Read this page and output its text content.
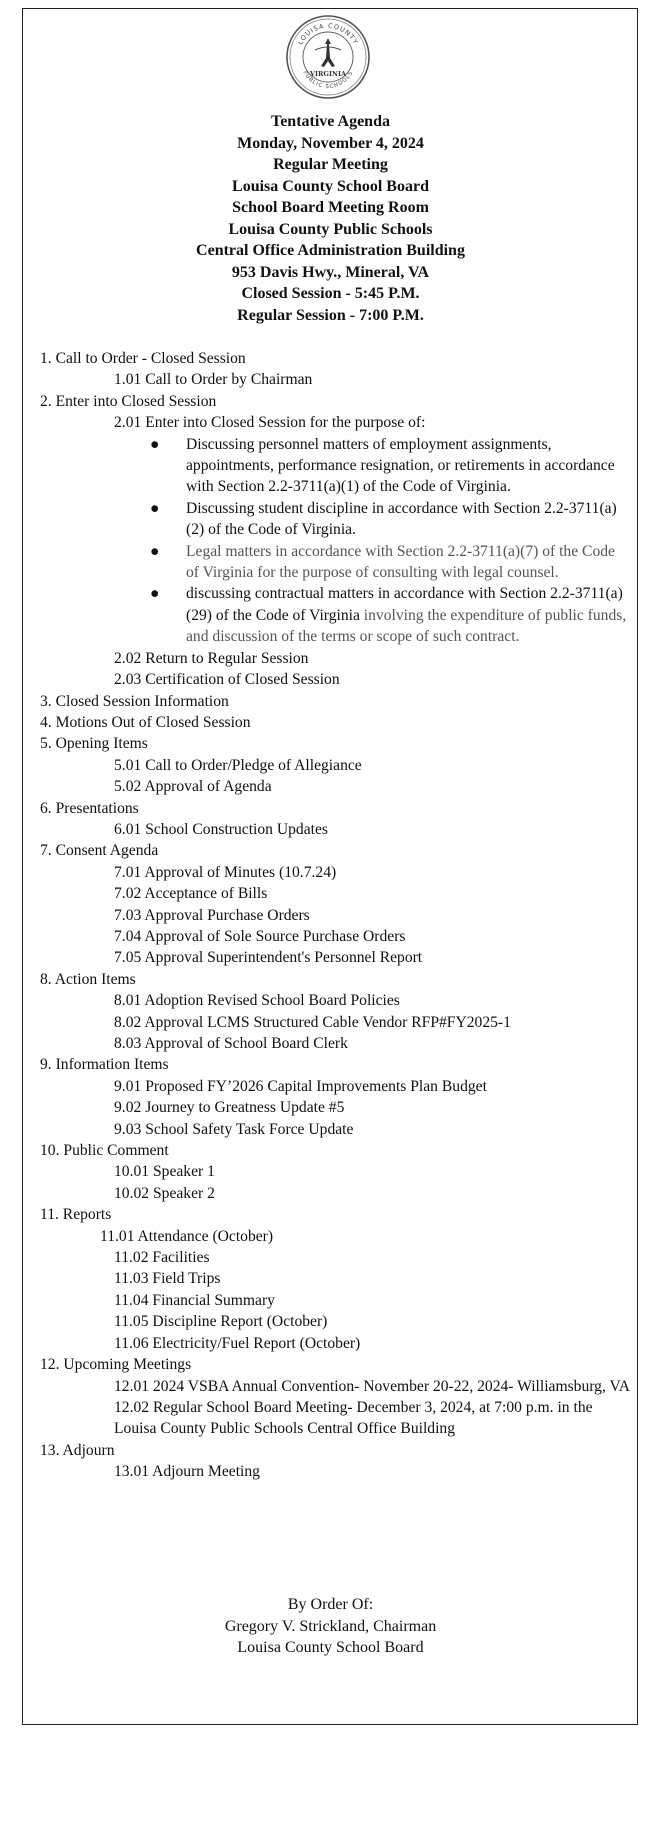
LOUISA COUNTY
PUBLIC SCHOOLS
VIRGINIA
Tentative Agenda
Monday, November 4, 2024
Regular Meeting
Louisa County School Board
School Board Meeting Room
Louisa County Public Schools
Central Office Administration Building
953 Davis Hwy., Mineral, VA
Closed Session - 5:45 P.M.
Regular Session - 7:00 P.M.
1. Call to Order - Closed Session
1.01 Call to Order by Chairman
2. Enter into Closed Session
2.01 Enter into Closed Session for the purpose of:
● Discussing personnel matters of employment assignments, appointments, performance resignation, or retirements in accordance with Section 2.2-3711(a)(1) of the Code of Virginia.
● Discussing student discipline in accordance with Section 2.2-3711(a)(2) of the Code of Virginia.
● Legal matters in accordance with Section 2.2-3711(a)(7) of the Code of Virginia for the purpose of consulting with legal counsel.
● discussing contractual matters in accordance with Section 2.2-3711(a)(29) of the Code of Virginia involving the expenditure of public funds, and discussion of the terms or scope of such contract.
2.02 Return to Regular Session
2.03 Certification of Closed Session
3. Closed Session Information
4. Motions Out of Closed Session
5. Opening Items
5.01 Call to Order/Pledge of Allegiance
5.02 Approval of Agenda
6. Presentations
6.01 School Construction Updates
7. Consent Agenda
7.01 Approval of Minutes (10.7.24)
7.02 Acceptance of Bills
7.03 Approval Purchase Orders
7.04 Approval of Sole Source Purchase Orders
7.05 Approval Superintendent's Personnel Report
8. Action Items
8.01 Adoption Revised School Board Policies
8.02 Approval LCMS Structured Cable Vendor RFP#FY2025-1
8.03 Approval of School Board Clerk
9. Information Items
9.01 Proposed FY’2026 Capital Improvements Plan Budget
9.02 Journey to Greatness Update #5
9.03 School Safety Task Force Update
10. Public Comment
10.01 Speaker 1
10.02 Speaker 2
11. Reports
11.01 Attendance (October)
11.02 Facilities
11.03 Field Trips
11.04 Financial Summary
11.05 Discipline Report (October)
11.06 Electricity/Fuel Report (October)
12. Upcoming Meetings
12.01 2024 VSBA Annual Convention- November 20-22, 2024- Williamsburg, VA
12.02 Regular School Board Meeting- December 3, 2024, at 7:00 p.m. in the Louisa County Public Schools Central Office Building
13. Adjourn
13.01 Adjourn Meeting
By Order Of:
Gregory V. Strickland, Chairman
Louisa County School Board
